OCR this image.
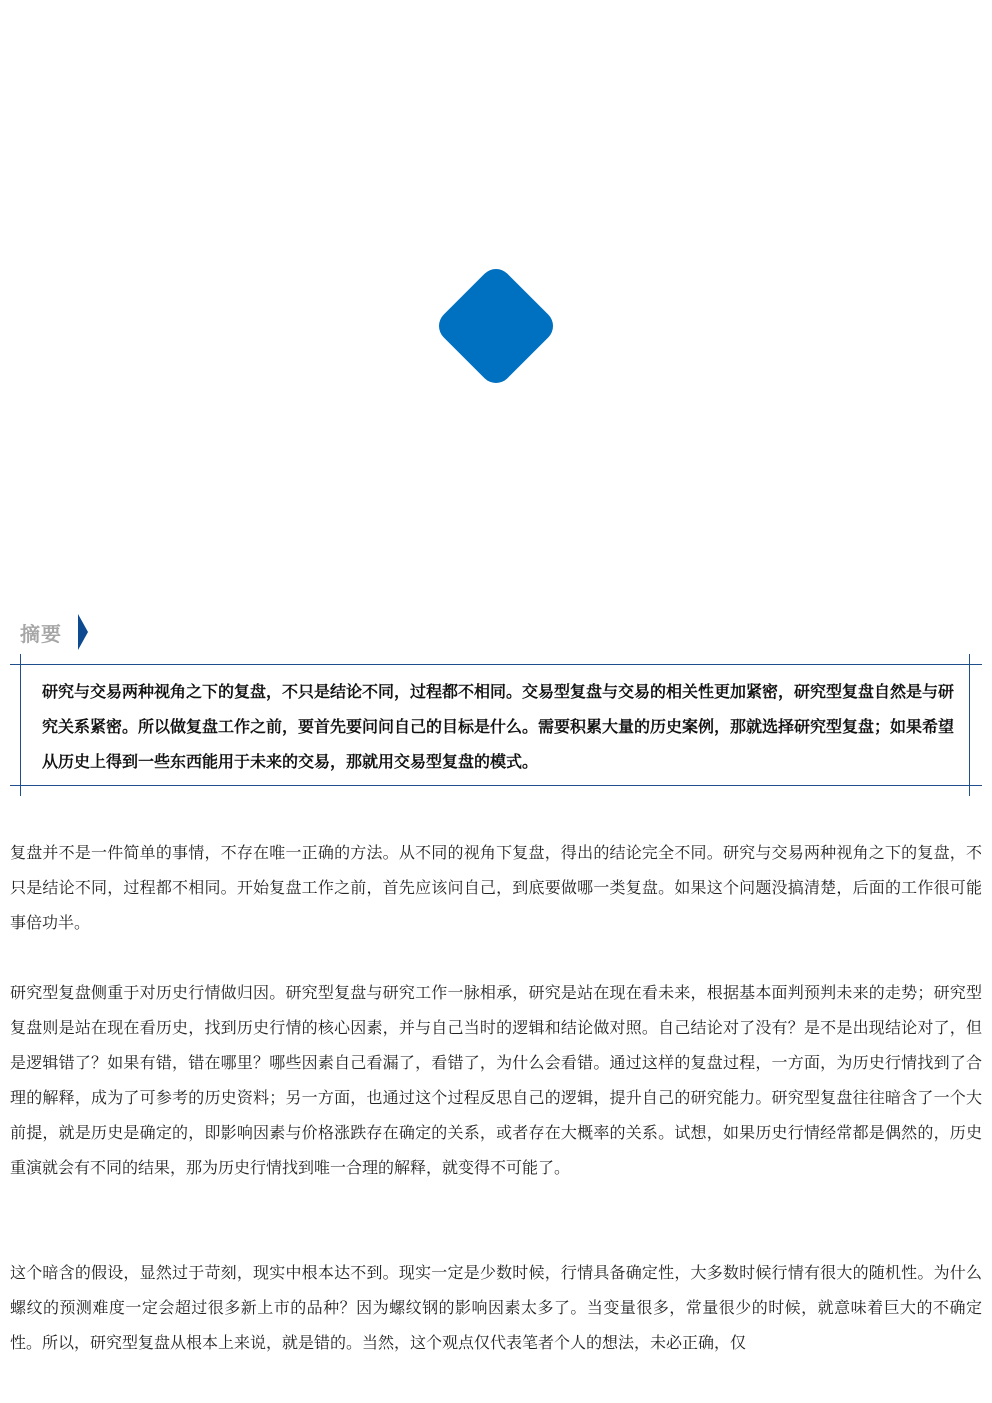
摘要
研究与交易两种视角之下的复盘，不只是结论不同，过程都不相同。交易型复盘与交易的相关性更加紧密，研究型复盘自然是与研究关系紧密。所以做复盘工作之前，要首先要问问自己的目标是什么。需要积累大量的历史案例，那就选择研究型复盘；如果希望从历史上得到一些东西能用于未来的交易，那就用交易型复盘的模式。

复盘并不是一件简单的事情，不存在唯一正确的方法。从不同的视角下复盘，得出的结论完全不同。研究与交易两种视角之下的复盘，不只是结论不同，过程都不相同。开始复盘工作之前，首先应该问自己，到底要做哪一类复盘。如果这个问题没搞清楚，后面的工作很可能事倍功半。

研究型复盘侧重于对历史行情做归因。研究型复盘与研究工作一脉相承，研究是站在现在看未来，根据基本面判预判未来的走势；研究型复盘则是站在现在看历史，找到历史行情的核心因素，并与自己当时的逻辑和结论做对照。自己结论对了没有？是不是出现结论对了，但是逻辑错了？如果有错，错在哪里？哪些因素自己看漏了，看错了，为什么会看错。通过这样的复盘过程，一方面，为历史行情找到了合理的解释，成为了可参考的历史资料；另一方面，也通过这个过程反思自己的逻辑，提升自己的研究能力。研究型复盘往往暗含了一个大前提，就是历史是确定的，即影响因素与价格涨跌存在确定的关系，或者存在大概率的关系。试想，如果历史行情经常都是偶然的，历史重演就会有不同的结果，那为历史行情找到唯一合理的解释，就变得不可能了。

这个暗含的假设，显然过于苛刻，现实中根本达不到。现实一定是少数时候，行情具备确定性，大多数时候行情有很大的随机性。为什么螺纹的预测难度一定会超过很多新上市的品种？因为螺纹钢的影响因素太多了。当变量很多，常量很少的时候，就意味着巨大的不确定性。所以，研究型复盘从根本上来说，就是错的。当然，这个观点仅代表笔者个人的想法，未必正确，仅
